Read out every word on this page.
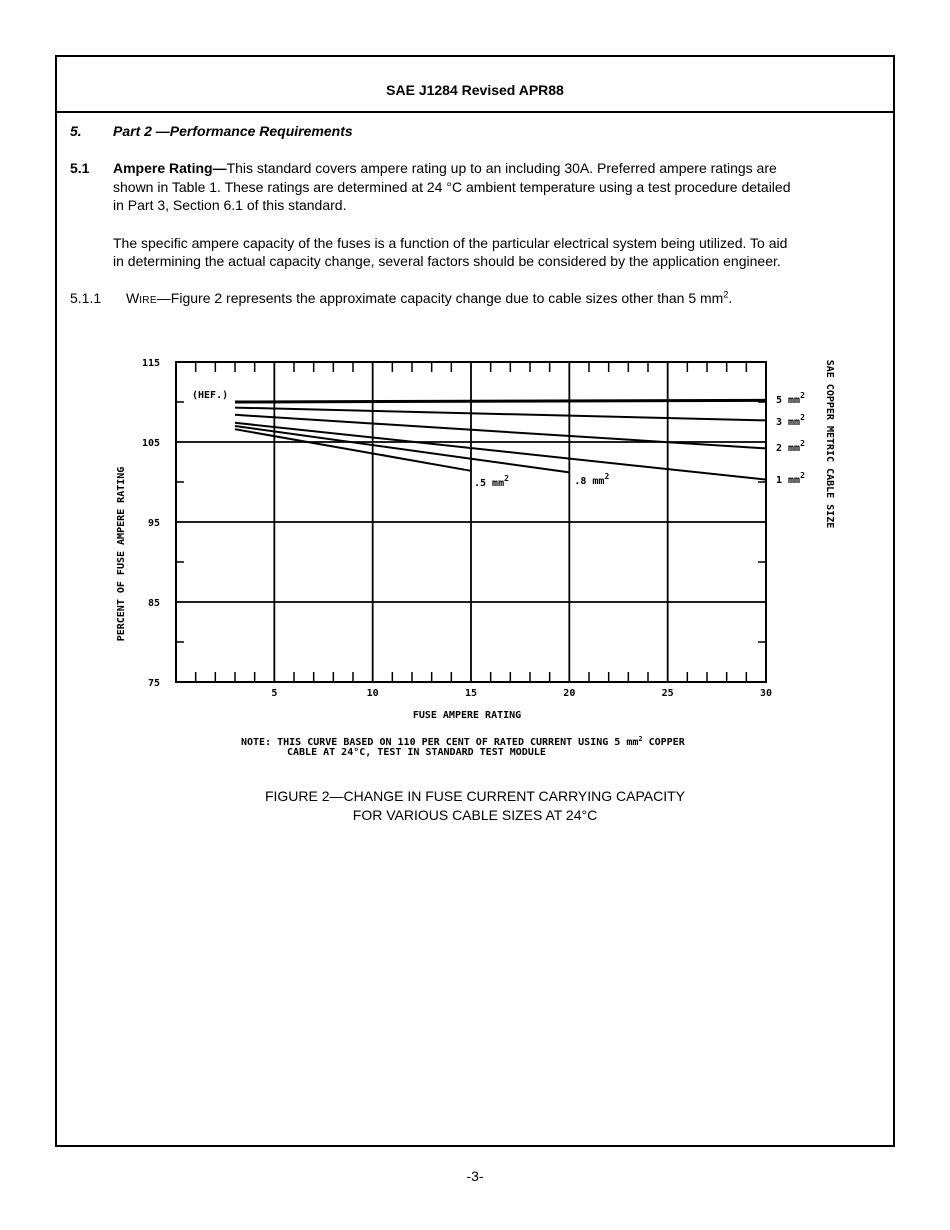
SAE J1284 Revised APR88
5. Part 2 —Performance Requirements
5.1 Ampere Rating—This standard covers ampere rating up to an including 30A. Preferred ampere ratings are
shown in Table 1. These ratings are determined at 24 °C ambient temperature using a test procedure detailed
in Part 3, Section 6.1 of this standard.
The specific ampere capacity of the fuses is a function of the particular electrical system being utilized. To aid
in determining the actual capacity change, several factors should be considered by the application engineer.
5.1.1 WIRE—Figure 2 represents the approximate capacity change due to cable sizes other than 5 $mm^2$.
75
85
95
105
115
5	10	15	20	25	30
5 $mm^2$
3 $mm^2$
2 $mm^2$
1 $mm^2$
.8 $mm^2$
.5 $mm^2$
PERCENT OF FUSE AMPERE RATING
FUSE AMPERE RATING
SAE COPPER METRIC CABLE SIZE
(HEF.)
NOTE: THIS CURVE BASED ON 110 PER CENT OF RATED CURRENT USING 5 $mm^2$ COPPER
CABLE AT 24°C, TEST IN STANDARD TEST MODULE
FIGURE 2—CHANGE IN FUSE CURRENT CARRYING CAPACITY
FOR VARIOUS CABLE SIZES AT 24°C
-3-
